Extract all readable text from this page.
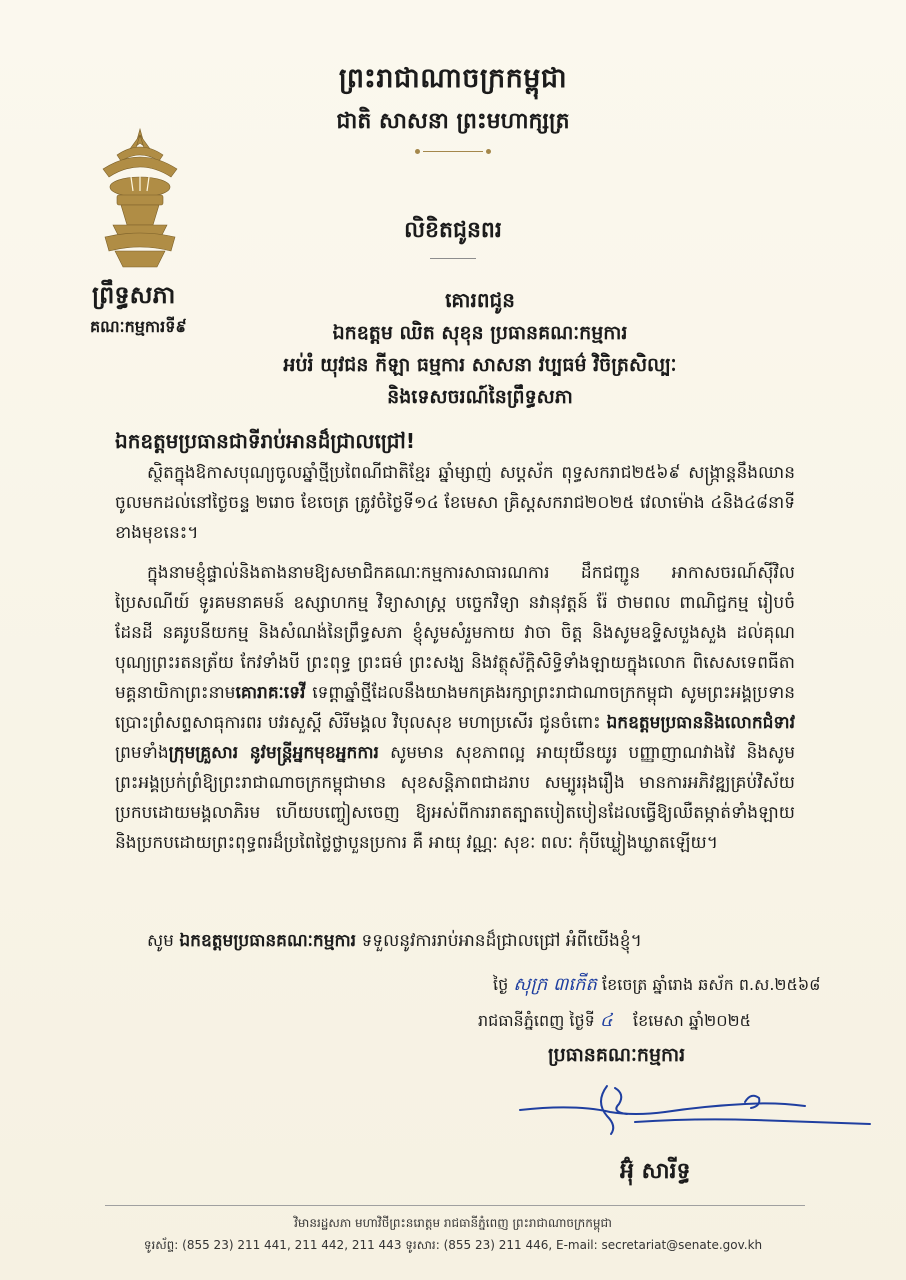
ព្រះរាជាណាចក្រកម្ពុជា
ជាតិ សាសនា ព្រះមហាក្សត្រ
ព្រឹទ្ធសភា
គណៈកម្មការទី៩
លិខិតជូនពរ
គោរពជូន
ឯកឧត្តម ឈិត សុខុន ប្រធានគណៈកម្មការ
អប់រំ យុវជន កីឡា ធម្មការ សាសនា វប្បធម៌ វិចិត្រសិល្បៈ
និងទេសចរណ៍នៃព្រឹទ្ធសភា
ឯកឧត្តមប្រធានជាទីរាប់អានដ៏ជ្រាលជ្រៅ!

ស្ថិតក្នុងឱកាសបុណ្យចូលឆ្នាំថ្មីប្រពៃណីជាតិខ្មែរ ឆ្នាំម្សាញ់ សប្តស័ក ពុទ្ធសករាជ២៥៦៩ សង្ក្រាន្តនឹងឈាន ចូលមកដល់នៅថ្ងៃចន្ទ ២រោច ខែចេត្រ ត្រូវចំថ្ងៃទី១៤ ខែមេសា គ្រិស្តសករាជ២០២៥ វេលាម៉ោង ៤និង៤៨នាទី ខាងមុខនេះ។

ក្នុងនាមខ្ញុំផ្ទាល់និងតាងនាមឱ្យសមាជិកគណៈកម្មការសាធារណការ ដឹកជញ្ជូន អាកាសចរណ៍ស៊ីវិល ប្រៃសណីយ៍ ទូរគមនាគមន៍ ឧស្សាហកម្ម វិទ្យាសាស្ត្រ បច្ចេកវិទ្យា នវានុវត្តន៍ រ៉ែ ថាមពល ពាណិជ្ជកម្ម រៀបចំដែនដី នគរូបនីយកម្ម និងសំណង់នៃព្រឹទ្ធសភា ខ្ញុំសូមសំរួមកាយ វាចា ចិត្ត និងសូមឧទ្ទិសបួងសួង ដល់គុណបុណ្យព្រះរតនត្រ័យ កែវទាំងបី ព្រះពុទ្ធ ព្រះធម៌ ព្រះសង្ឃ និងវត្ថុស័ក្តិសិទ្ធិទាំងឡាយក្នុងលោក ពិសេសទេពធីតាមគ្គនាយិកាព្រះនាមគោរាគៈទេវី ទេព្តាឆ្នាំថ្មីដែលនឹងយាងមកគ្រងរក្សាព្រះរាជាណាចក្រកម្ពុជា សូមព្រះអង្គប្រទានប្រោះព្រំសព្ទសាធុការពរ បវរសួស្តី សិរីមង្គល វិបុលសុខ មហាប្រសើរ ជូនចំពោះ ឯកឧត្តមប្រធាននិងលោកជំទាវ ព្រមទាំងក្រុមគ្រួសារ នូវមន្ត្រីអ្នកមុខអ្នកការ សូមមាន សុខភាពល្អ អាយុយឺនយូរ បញ្ញាញាណវាងវៃ និងសូមព្រះអង្គប្រក់ព្រំឱ្យព្រះរាជាណាចក្រកម្ពុជាមាន សុខសន្តិភាពជាដរាប សម្បូររុងរឿង មានការអភិវឌ្ឍគ្រប់វិស័យប្រកបដោយមង្គលាភិរម ហើយបញ្ចៀសចេញ ឱ្យអស់ពីការរាតត្បាតបៀតបៀនដែលធ្វើឱ្យឈឺតម្កាត់ទាំងឡាយ និងប្រកបដោយព្រះពុទ្ធពរដ៏ប្រពៃថ្លៃថ្លាបួនប្រការ គឺ អាយុ វណ្ណៈ សុខៈ ពលៈ កុំបីឃ្លៀងឃ្លាតឡើយ។

សូម ឯកឧត្តមប្រធានគណៈកម្មការ ទទួលនូវការរាប់អានដ៏ជ្រាលជ្រៅ អំពីយើងខ្ញុំ។
ថ្ងៃ សុក្រ ៣កើត ខែចេត្រ ឆ្នាំរោង ឆស័ក ព.ស.២៥៦៨
រាជធានីភ្នំពេញ ថ្ងៃទី ៤ ខែមេសា ឆ្នាំ២០២៥
ប្រធានគណៈកម្មការ
អ៊ុំ សារីទ្ធ
វិមានរដ្ឋសភា មហាវិថីព្រះនរោត្តម រាជធានីភ្នំពេញ ព្រះរាជាណាចក្រកម្ពុជា
ទូរស័ព្ទ: (855 23) 211 441, 211 442, 211 443 ទូរសារ: (855 23) 211 446, E-mail: secretariat@senate.gov.kh
